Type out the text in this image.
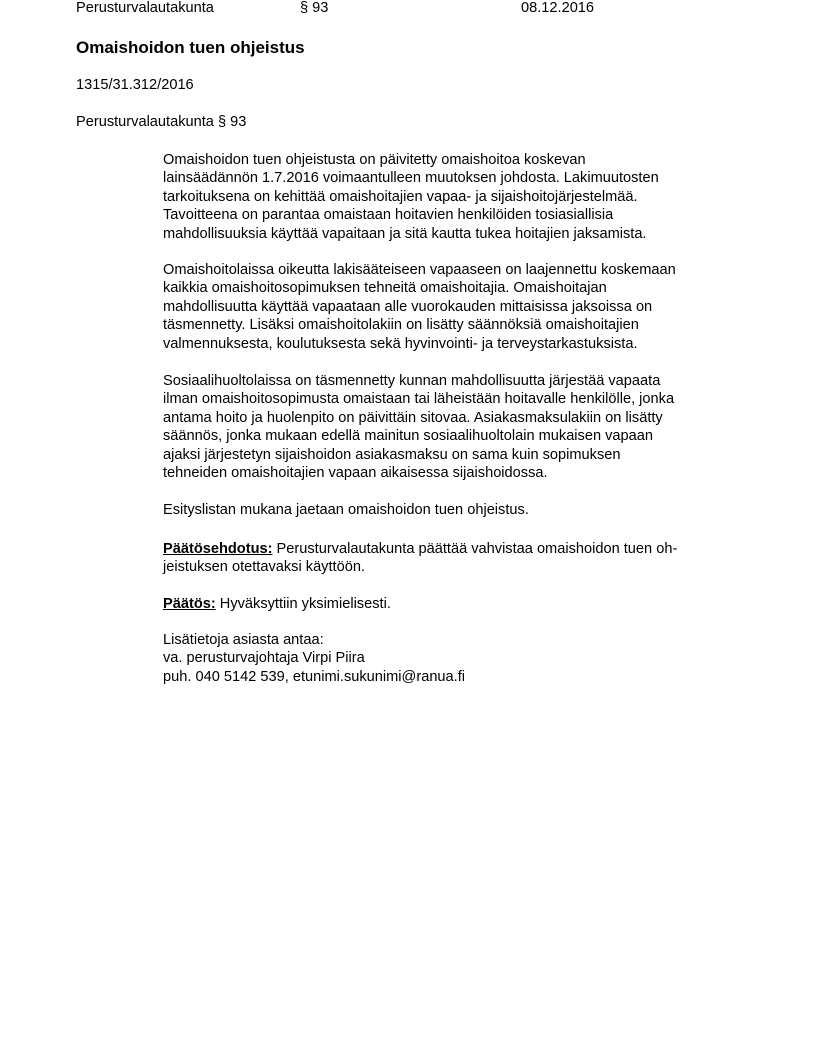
Perusturvalautakunta	§ 93	08.12.2016
Omaishoidon tuen ohjeistus
1315/31.312/2016
Perusturvalautakunta § 93
Omaishoidon tuen ohjeistusta on päivitetty omaishoitoa koskevan
lainsäädännön 1.7.2016 voimaantulleen muutoksen johdosta. Lakimuutosten
tarkoituksena on kehittää omaishoitajien vapaa- ja sijaishoitojärjestelmää.
Tavoitteena on parantaa omaistaan hoitavien henkilöiden tosiasiallisia
mahdollisuuksia käyttää vapaitaan ja sitä kautta tukea hoitajien jaksamista.
Omaishoitolaissa oikeutta lakisääteiseen vapaaseen on laajennettu koskemaan
kaikkia omaishoitosopimuksen tehneitä omaishoitajia. Omaishoitajan
mahdollisuutta käyttää vapaataan alle vuorokauden mittaisissa jaksoissa on
täsmennetty. Lisäksi omaishoitolakiin on lisätty säännöksiä omaishoitajien
valmennuksesta, koulutuksesta sekä hyvinvointi- ja terveystarkastuksista.
Sosiaalihuoltolaissa on täsmennetty kunnan mahdollisuutta järjestää vapaata
ilman omaishoitosopimusta omaistaan tai läheistään hoitavalle henkilölle, jonka
antama hoito ja huolenpito on päivittäin sitovaa. Asiakasmaksulakiin on lisätty
säännös, jonka mukaan edellä mainitun sosiaalihuoltolain mukaisen vapaan
ajaksi järjestetyn sijaishoidon asiakasmaksu on sama kuin sopimuksen
tehneiden omaishoitajien vapaan aikaisessa sijaishoidossa.
Esityslistan mukana jaetaan omaishoidon tuen ohjeistus.
Päätösehdotus: Perusturvalautakunta päättää vahvistaa omaishoidon tuen oh-
jeistuksen otettavaksi käyttöön.
Päätös: Hyväksyttiin yksimielisesti.
Lisätietoja asiasta antaa:
va. perusturvajohtaja Virpi Piira
puh. 040 5142 539, etunimi.sukunimi@ranua.fi
